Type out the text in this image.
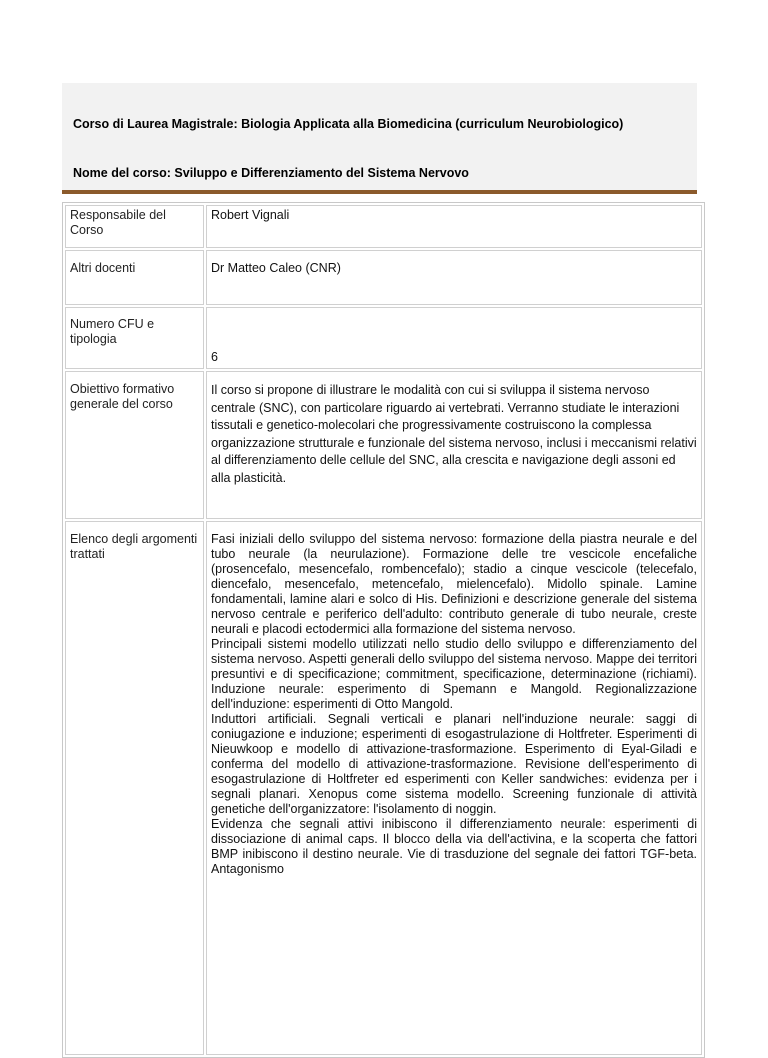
Corso di Laurea Magistrale: Biologia Applicata alla Biomedicina (curriculum Neurobiologico)
Nome del corso: Sviluppo e Differenziamento del Sistema Nervovo
Responsabile del Corso	Robert Vignali
Altri docenti	Dr Matteo Caleo (CNR)
Numero CFU e tipologia	6
Obiettivo formativo generale del corso	Il corso si propone di illustrare le modalità con cui si sviluppa il sistema nervoso centrale (SNC), con particolare riguardo ai vertebrati. Verranno studiate le interazioni tissutali e genetico-molecolari che progressivamente costruiscono la complessa organizzazione strutturale e funzionale del sistema nervoso, inclusi i meccanismi relativi al differenziamento delle cellule del SNC, alla crescita e navigazione degli assoni ed alla plasticità.
Elenco degli argomenti trattati	Fasi iniziali dello sviluppo del sistema nervoso: formazione della piastra neurale e del tubo neurale (la neurulazione). Formazione delle tre vescicole encefaliche (prosencefalo, mesencefalo, rombencefalo); stadio a cinque vescicole (telecefalo, diencefalo, mesencefalo, metencefalo, mielencefalo). Midollo spinale. Lamine fondamentali, lamine alari e solco di His. Definizioni e descrizione generale del sistema nervoso centrale e periferico dell'adulto: contributo generale di tubo neurale, creste neurali e placodi ectodermici alla formazione del sistema nervoso.

Principali sistemi modello utilizzati nello studio dello sviluppo e differenziamento del sistema nervoso. Aspetti generali dello sviluppo del sistema nervoso. Mappe dei territori presuntivi e di specificazione; commitment, specificazione, determinazione (richiami). Induzione neurale: esperimento di Spemann e Mangold. Regionalizzazione dell'induzione: esperimenti di Otto Mangold.

Induttori artificiali. Segnali verticali e planari nell'induzione neurale: saggi di coniugazione e induzione; esperimenti di esogastrulazione di Holtfreter. Esperimenti di Nieuwkoop e modello di attivazione-trasformazione. Esperimento di Eyal-Giladi e conferma del modello di attivazione-trasformazione. Revisione dell'esperimento di esogastrulazione di Holtfreter ed esperimenti con Keller sandwiches: evidenza per i segnali planari. Xenopus come sistema modello. Screening funzionale di attività genetiche dell'organizzatore: l'isolamento di noggin.

Evidenza che segnali attivi inibiscono il differenziamento neurale: esperimenti di dissociazione di animal caps. Il blocco della via dell'activina, e la scoperta che fattori BMP inibiscono il destino neurale. Vie di trasduzione del segnale dei fattori TGF-beta. Antagonismo
